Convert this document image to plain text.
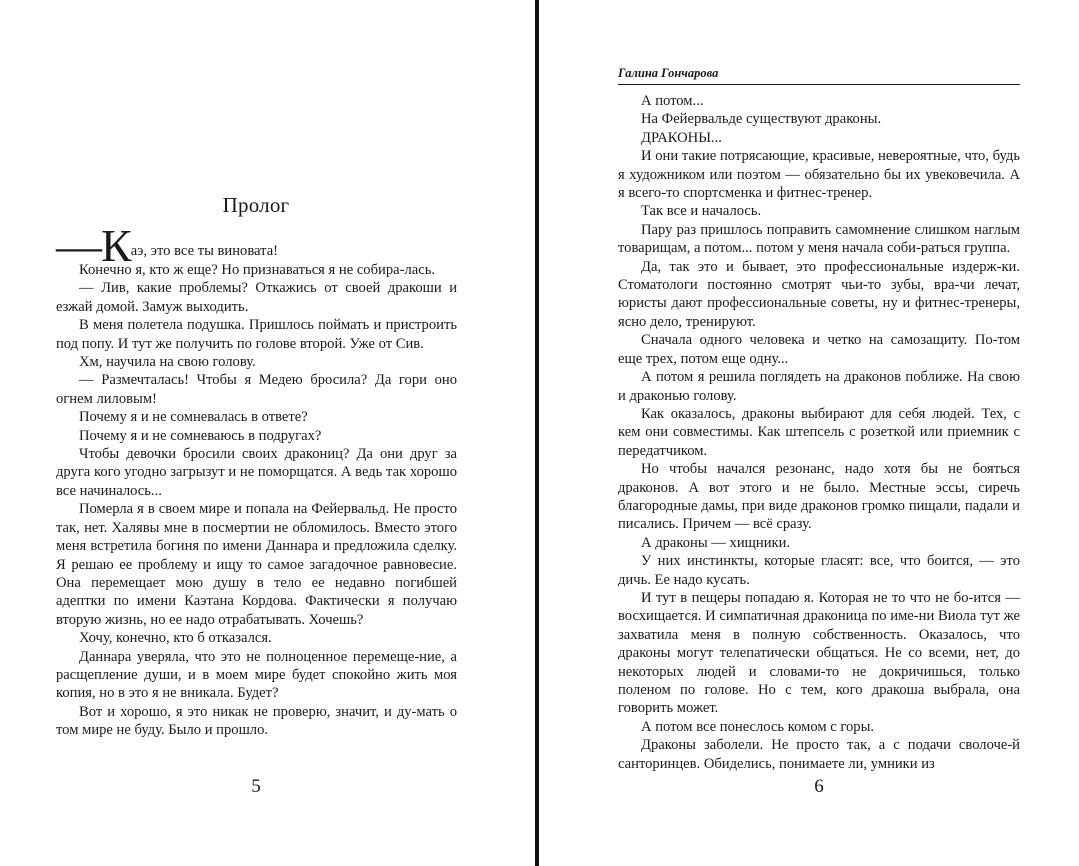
Пролог

—Каэ, это все ты виновата!

Конечно я, кто ж еще? Но признаваться я не собира-лась.

— Лив, какие проблемы? Откажись от своей дракоши и езжай домой. Замуж выходить.

В меня полетела подушка. Пришлось поймать и пристроить под попу. И тут же получить по голове второй. Уже от Сив.

Хм, научила на свою голову.

— Размечталась! Чтобы я Медею бросила? Да гори оно огнем лиловым!

Почему я и не сомневалась в ответе?

Почему я и не сомневаюсь в подругах?

Чтобы девочки бросили своих дракониц? Да они друг за друга кого угодно загрызут и не поморщатся. А ведь так хорошо все начиналось...

Померла я в своем мире и попала на Фейервальд. Не просто так, нет. Халявы мне в посмертии не обломилось. Вместо этого меня встретила богиня по имени Даннара и предложила сделку. Я решаю ее проблему и ищу то самое загадочное равновесие. Она перемещает мою душу в тело ее недавно погибшей адептки по имени Каэтана Кордова. Фактически я получаю вторую жизнь, но ее надо отрабатывать. Хочешь?

Хочу, конечно, кто б отказался.

Даннара уверяла, что это не полноценное перемеще-ние, а расщепление души, и в моем мире будет спокойно жить моя копия, но в это я не вникала. Будет?

Вот и хорошо, я это никак не проверю, значит, и ду-мать о том мире не буду. Было и прошло.

5
Галина Гончарова

А потом...

На Фейервальде существуют драконы.

ДРАКОНЫ...

И они такие потрясающие, красивые, невероятные, что, будь я художником или поэтом — обязательно бы их увековечила. А я всего-то спортсменка и фитнес-тренер.

Так все и началось.

Пару раз пришлось поправить самомнение слишком наглым товарищам, а потом... потом у меня начала соби-раться группа.

Да, так это и бывает, это профессиональные издерж-ки. Стоматологи постоянно смотрят чьи-то зубы, вра-чи лечат, юристы дают профессиональные советы, ну и фитнес-тренеры, ясно дело, тренируют.

Сначала одного человека и четко на самозащиту. По-том еще трех, потом еще одну...

А потом я решила поглядеть на драконов поближе. На свою и драконью голову.

Как оказалось, драконы выбирают для себя людей. Тех, с кем они совместимы. Как штепсель с розеткой или приемник с передатчиком.

Но чтобы начался резонанс, надо хотя бы не бояться драконов. А вот этого и не было. Местные эссы, сиречь благородные дамы, при виде драконов громко пищали, падали и писались. Причем — всё сразу.

А драконы — хищники.

У них инстинкты, которые гласят: все, что боится, — это дичь. Ее надо кусать.

И тут в пещеры попадаю я. Которая не то что не бо-ится — восхищается. И симпатичная драконица по име-ни Виола тут же захватила меня в полную собственность. Оказалось, что драконы могут телепатически общаться. Не со всеми, нет, до некоторых людей и словами-то не докричишься, только поленом по голове. Но с тем, кого дракоша выбрала, она говорить может.

А потом все понеслось комом с горы.

Драконы заболели. Не просто так, а с подачи сволоче-й санторинцев. Обиделись, понимаете ли, умники из

6
